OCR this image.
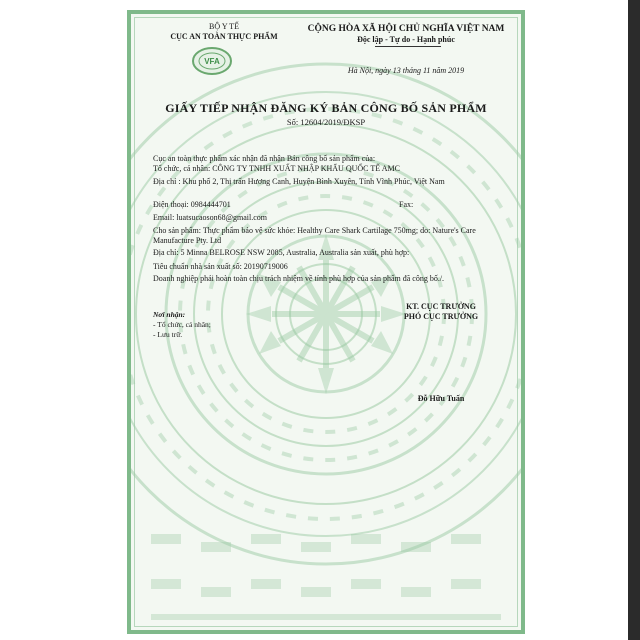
BỘ Y TẾ
CỤC AN TOÀN THỰC PHẨM
VFA
CỘNG HÒA XÃ HỘI CHỦ NGHĨA VIỆT NAM
Độc lập - Tự do - Hạnh phúc
Hà Nội, ngày 13 tháng 11 năm 2019
GIẤY TIẾP NHẬN ĐĂNG KÝ BẢN CÔNG BỐ SẢN PHẨM
Số: 12604/2019/ĐKSP
Cục an toàn thực phẩm xác nhận đã nhận Bản công bố sản phẩm của:
Tổ chức, cá nhân: CÔNG TY TNHH XUẤT NHẬP KHẨU QUỐC TẾ AMC
Địa chỉ : Khu phố 2, Thị trấn Hương Canh, Huyện Bình Xuyên, Tỉnh Vĩnh Phúc, Việt Nam
Điện thoại: 0984444701	Fax:
Email: luatsucaoson68@gmail.com
Cho sản phẩm: Thực phẩm bảo vệ sức khỏe: Healthy Care Shark Cartilage 750mg; do: Nature's Care Manufacture Pty. Ltd
Địa chỉ: 5 Minna BELROSE NSW 2085, Australia, Australia sản xuất, phù hợp:
Tiêu chuẩn nhà sản xuất số: 20190719006
Doanh nghiệp phải hoàn toàn chịu trách nhiệm về tính phù hợp của sản phẩm đã công bố./.
Nơi nhận:
- Tổ chức, cá nhân;
- Lưu trữ.
KT. CỤC TRƯỞNG
PHÓ CỤC TRƯỞNG
Đỗ Hữu Tuấn
